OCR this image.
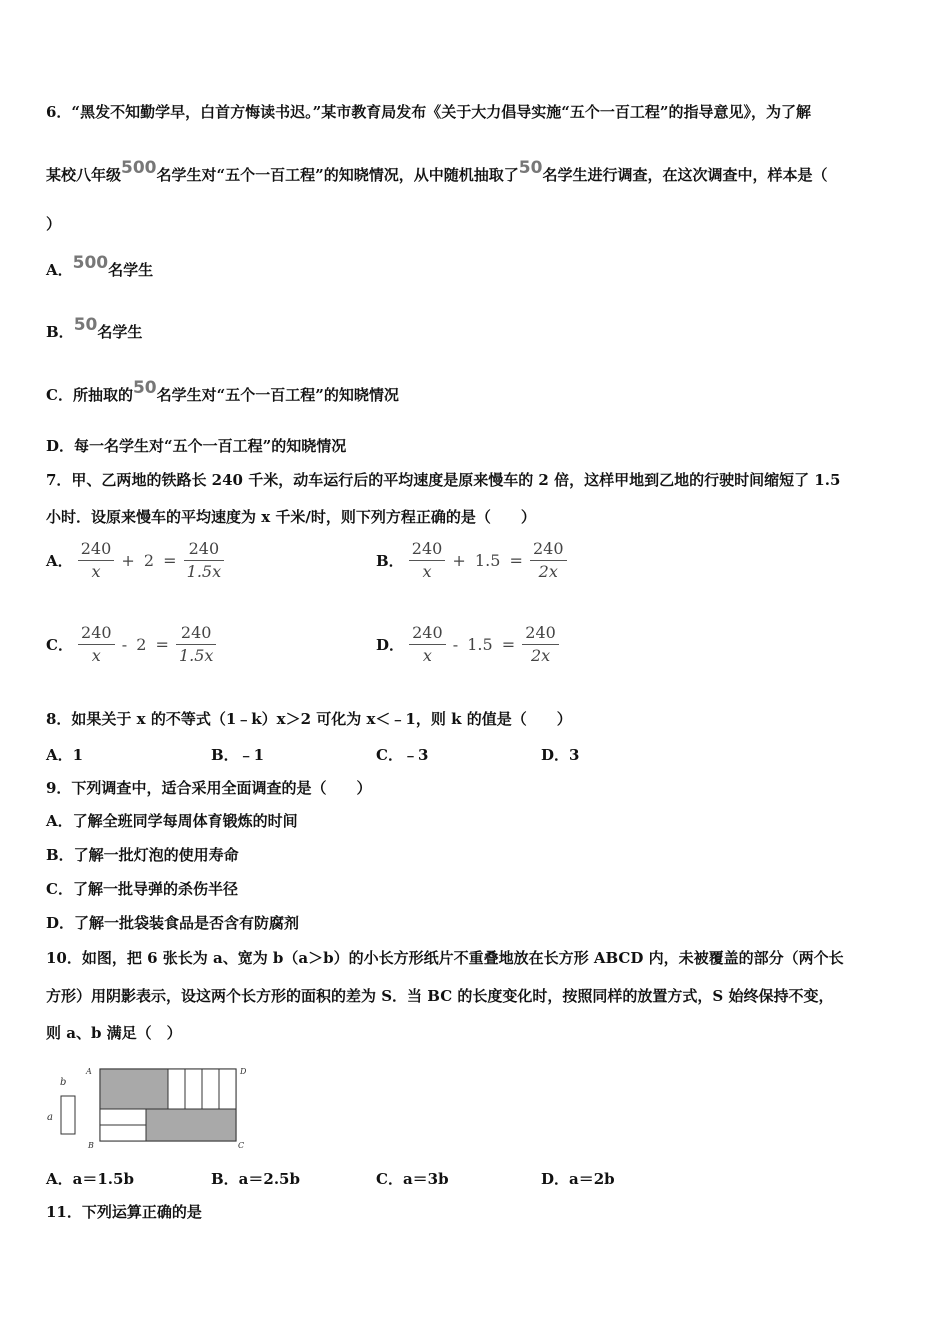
6．“黑发不知勤学早，白首方悔读书迟。”某市教育局发布《关于大力倡导实施“五个一百工程”的指导意见》，为了解
某校八年级500名学生对“五个一百工程”的知晓情况，从中随机抽取了50名学生进行调查，在这次调查中，样本是（
）
A．500名学生
B．50名学生
C．所抽取的50名学生对“五个一百工程”的知晓情况
D．每一名学生对“五个一百工程”的知晓情况
7．甲、乙两地的铁路长 240 千米，动车运行后的平均速度是原来慢车的 2 倍，这样甲地到乙地的行驶时间缩短了 1.5
小时．设原来慢车的平均速度为 x 千米/时，则下列方程正确的是（　　）
A． $\frac{240}{x} + 2 = \frac{240}{1.5x}$	B． $\frac{240}{x} + 1.5 = \frac{240}{2x}$
C． $\frac{240}{x} - 2 = \frac{240}{1.5x}$	D． $\frac{240}{x} - 1.5 = \frac{240}{2x}$
8．如果关于 x 的不等式（1﹣k）x＞2 可化为 x＜﹣1，则 k 的值是（　　）
A．1	B．﹣1	C．﹣3	D．3
9．下列调查中，适合采用全面调查的是（　　）
A．了解全班同学每周体育锻炼的时间
B．了解一批灯泡的使用寿命
C．了解一批导弹的杀伤半径
D．了解一批袋装食品是否含有防腐剂
10．如图，把 6 张长为 a、宽为 b（a＞b）的小长方形纸片不重叠地放在长方形 ABCD 内，未被覆盖的部分（两个长
方形）用阴影表示，设这两个长方形的面积的差为 S．当 BC 的长度变化时，按照同样的放置方式，S 始终保持不变，
则 a、b 满足（　）
b
a
A	D
B	C
A．a＝1.5b	B．a＝2.5b	C．a＝3b	D．a＝2b
11．下列运算正确的是
